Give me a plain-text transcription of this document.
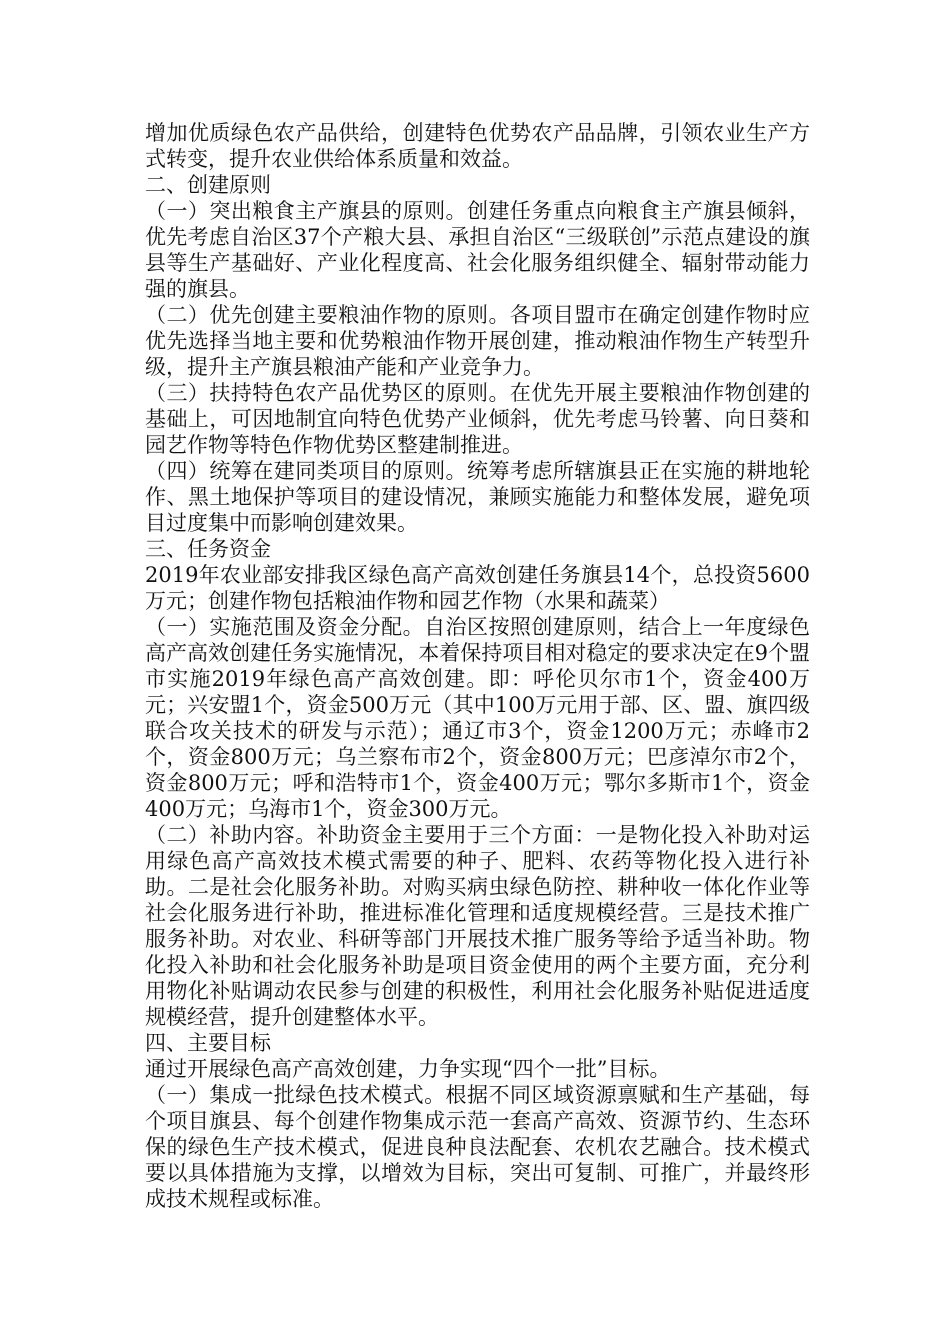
增加优质绿色农产品供给，创建特色优势农产品品牌，引领农业生产方式转变，提升农业供给体系质量和效益。

二、创建原则

（一）突出粮食主产旗县的原则。创建任务重点向粮食主产旗县倾斜，优先考虑自治区37个产粮大县、承担自治区“三级联创”示范点建设的旗县等生产基础好、产业化程度高、社会化服务组织健全、辐射带动能力强的旗县。

（二）优先创建主要粮油作物的原则。各项目盟市在确定创建作物时应优先选择当地主要和优势粮油作物开展创建，推动粮油作物生产转型升级，提升主产旗县粮油产能和产业竞争力。

（三）扶持特色农产品优势区的原则。在优先开展主要粮油作物创建的基础上，可因地制宜向特色优势产业倾斜，优先考虑马铃薯、向日葵和园艺作物等特色作物优势区整建制推进。

（四）统筹在建同类项目的原则。统筹考虑所辖旗县正在实施的耕地轮作、黑土地保护等项目的建设情况，兼顾实施能力和整体发展，避免项目过度集中而影响创建效果。

三、任务资金

2019年农业部安排我区绿色高产高效创建任务旗县14个，总投资5600万元；创建作物包括粮油作物和园艺作物（水果和蔬菜）

（一）实施范围及资金分配。自治区按照创建原则，结合上一年度绿色高产高效创建任务实施情况，本着保持项目相对稳定的要求决定在9个盟市实施2019年绿色高产高效创建。即：呼伦贝尔市1个，资金400万元；兴安盟1个，资金500万元（其中100万元用于部、区、盟、旗四级联合攻关技术的研发与示范）；通辽市3个，资金1200万元；赤峰市2个，资金800万元；乌兰察布市2个，资金800万元；巴彦淖尔市2个，资金800万元；呼和浩特市1个，资金400万元；鄂尔多斯市1个，资金400万元；乌海市1个，资金300万元。

（二）补助内容。补助资金主要用于三个方面：一是物化投入补助对运用绿色高产高效技术模式需要的种子、肥料、农药等物化投入进行补助。二是社会化服务补助。对购买病虫绿色防控、耕种收一体化作业等社会化服务进行补助，推进标准化管理和适度规模经营。三是技术推广服务补助。对农业、科研等部门开展技术推广服务等给予适当补助。物化投入补助和社会化服务补助是项目资金使用的两个主要方面，充分利用物化补贴调动农民参与创建的积极性，利用社会化服务补贴促进适度规模经营，提升创建整体水平。

四、主要目标

通过开展绿色高产高效创建，力争实现“四个一批”目标。

（一）集成一批绿色技术模式。根据不同区域资源禀赋和生产基础，每个项目旗县、每个创建作物集成示范一套高产高效、资源节约、生态环保的绿色生产技术模式，促进良种良法配套、农机农艺融合。技术模式要以具体措施为支撑，以增效为目标，突出可复制、可推广，并最终形成技术规程或标准。
